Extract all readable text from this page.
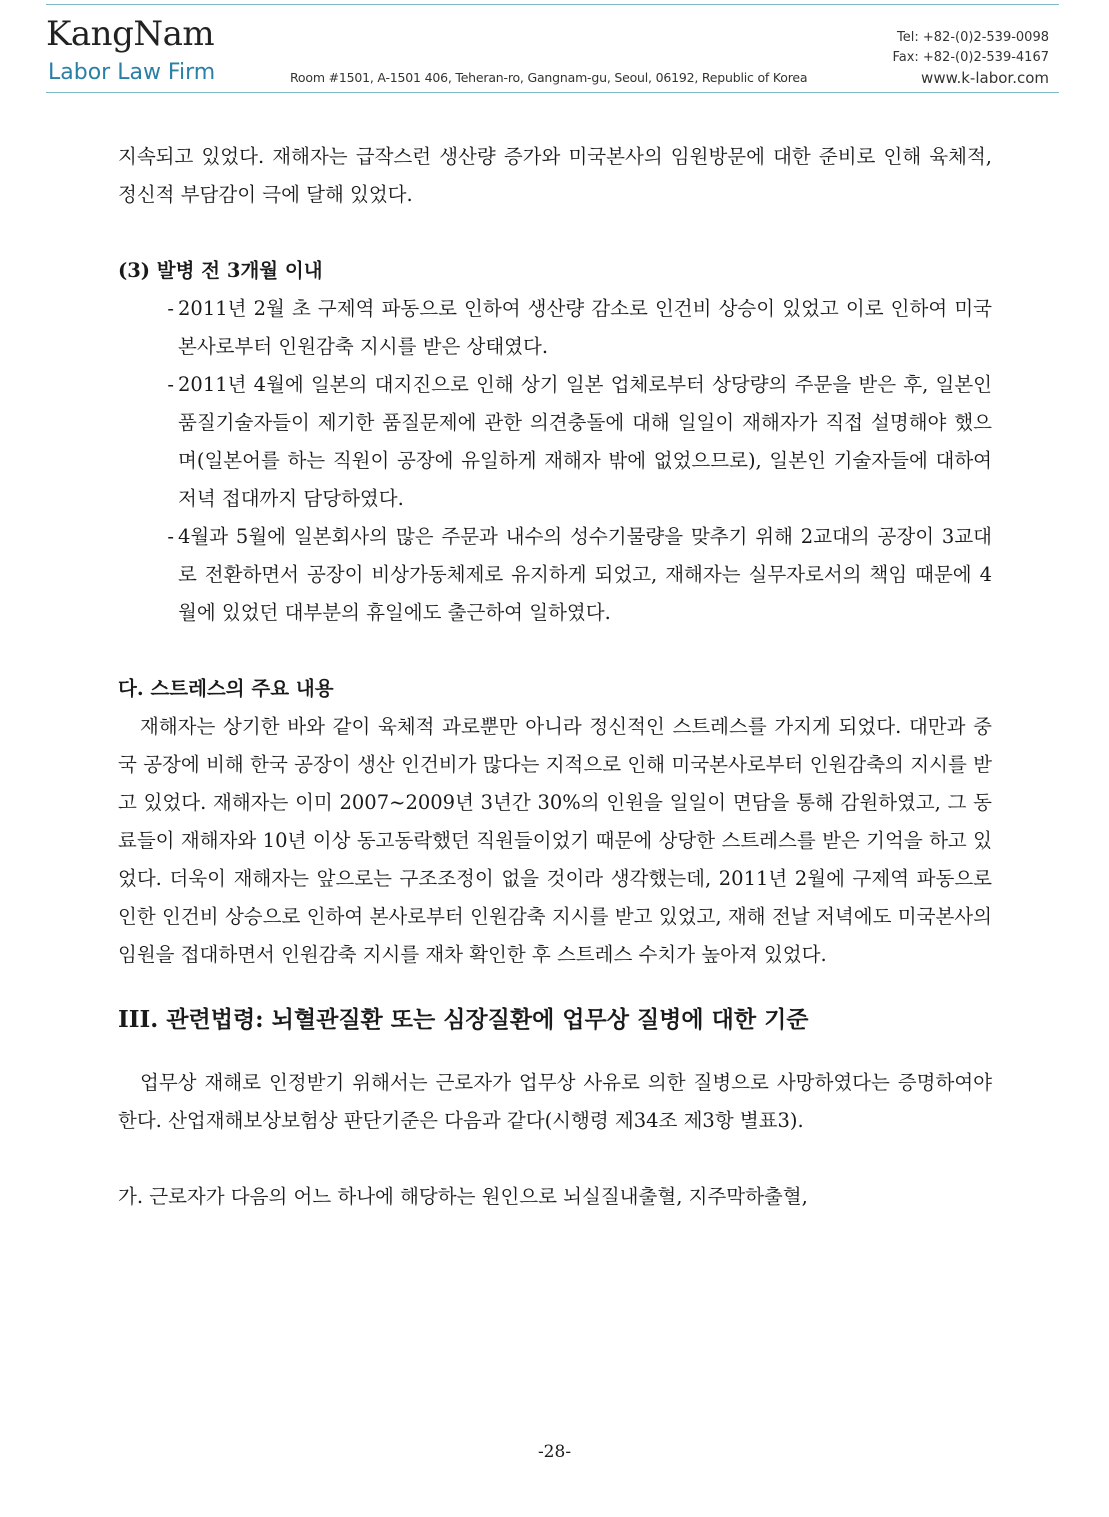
KangNam
Labor Law Firm	Room #1501, A-1501 406, Teheran-ro, Gangnam-gu, Seoul, 06192, Republic of Korea
Tel: +82-(0)2-539-0098
Fax: +82-(0)2-539-4167
www.k-labor.com

지속되고 있었다. 재해자는 급작스런 생산량 증가와 미국본사의 임원방문에 대한 준비로 인해 육체적, 정신적 부담감이 극에 달해 있었다.

(3) 발병 전 3개월 이내

- 2011년 2월 초 구제역 파동으로 인하여 생산량 감소로 인건비 상승이 있었고 이로 인하여 미국본사로부터 인원감축 지시를 받은 상태였다.
- 2011년 4월에 일본의 대지진으로 인해 상기 일본 업체로부터 상당량의 주문을 받은 후, 일본인 품질기술자들이 제기한 품질문제에 관한 의견충돌에 대해 일일이 재해자가 직접 설명해야 했으며(일본어를 하는 직원이 공장에 유일하게 재해자 밖에 없었으므로), 일본인 기술자들에 대하여 저녁 접대까지 담당하였다.
- 4월과 5월에 일본회사의 많은 주문과 내수의 성수기물량을 맞추기 위해 2교대의 공장이 3교대로 전환하면서 공장이 비상가동체제로 유지하게 되었고, 재해자는 실무자로서의 책임 때문에 4월에 있었던 대부분의 휴일에도 출근하여 일하였다.

다. 스트레스의 주요 내용

재해자는 상기한 바와 같이 육체적 과로뿐만 아니라 정신적인 스트레스를 가지게 되었다. 대만과 중국 공장에 비해 한국 공장이 생산 인건비가 많다는 지적으로 인해 미국본사로부터 인원감축의 지시를 받고 있었다. 재해자는 이미 2007~2009년 3년간 30%의 인원을 일일이 면담을 통해 감원하였고, 그 동료들이 재해자와 10년 이상 동고동락했던 직원들이었기 때문에 상당한 스트레스를 받은 기억을 하고 있었다. 더욱이 재해자는 앞으로는 구조조정이 없을 것이라 생각했는데, 2011년 2월에 구제역 파동으로 인한 인건비 상승으로 인하여 본사로부터 인원감축 지시를 받고 있었고, 재해 전날 저녁에도 미국본사의 임원을 접대하면서 인원감축 지시를 재차 확인한 후 스트레스 수치가 높아져 있었다.

III. 관련법령: 뇌혈관질환 또는 심장질환에 업무상 질병에 대한 기준

업무상 재해로 인정받기 위해서는 근로자가 업무상 사유로 의한 질병으로 사망하였다는 증명하여야 한다. 산업재해보상보험상 판단기준은 다음과 같다(시행령 제34조 제3항 별표3).

가. 근로자가 다음의 어느 하나에 해당하는 원인으로 뇌실질내출혈, 지주막하출혈,

-28-
